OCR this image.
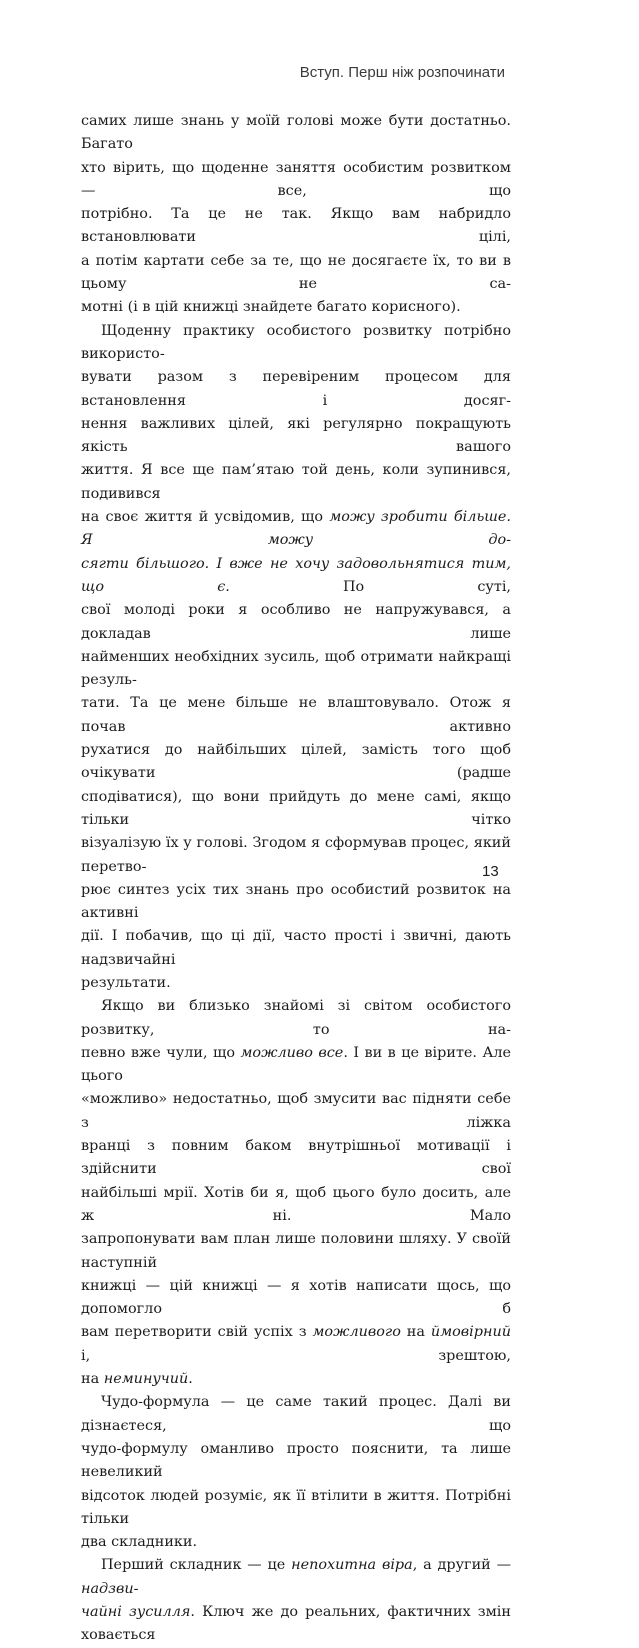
Вступ. Перш ніж розпочинати

самих лише знань у моїй голові може бути достатньо. Багато

хто вірить, що щоденне заняття особистим розвитком — все, що

потрібно. Та це не так. Якщо вам набридло встановлювати цілі,

а потім картати себе за те, що не досягаєте їх, то ви в цьому не са-

мотні (і в цій книжці знайдете багато корисного).

Щоденну практику особистого розвитку потрібно використо-

вувати разом з перевіреним процесом для встановлення і досяг-

нення важливих цілей, які регулярно покращують якість вашого

життя. Я все ще пам’ятаю той день, коли зупинився, подивився

на своє життя й усвідомив, що можу зробити більше. Я можу до-

сягти більшого. І вже не хочу задовольнятися тим, що є. По суті,

свої молоді роки я особливо не напружувався, а докладав лише

найменших необхідних зусиль, щоб отримати найкращі резуль-

тати. Та це мене більше не влаштовувало. Отож я почав активно

рухатися до найбільших цілей, замість того щоб очікувати (радше

сподіватися), що вони прийдуть до мене самі, якщо тільки чітко

візуалізую їх у голові. Згодом я сформував процес, який перетво-

рює синтез усіх тих знань про особистий розвиток на активні

дії. І побачив, що ці дії, часто прості і звичні, дають надзвичайні

результати.

Якщо ви близько знайомі зі світом особистого розвитку, то на-

певно вже чули, що можливо все. І ви в це вірите. Але цього

«можливо» недостатньо, щоб змусити вас підняти себе з ліжка

вранці з повним баком внутрішньої мотивації і здійснити свої

найбільші мрії. Хотів би я, щоб цього було досить, але ж ні. Мало

запропонувати вам план лише половини шляху. У своїй наступній

книжці — цій книжці — я хотів написати щось, що допомогло б

вам перетворити свій успіх з можливого на ймовірний і, зрештою,

на неминучий.

Чудо-формула — це саме такий процес. Далі ви дізнаєтеся, що

чудо-формулу оманливо просто пояснити, та лише невеликий

відсоток людей розуміє, як її втілити в життя. Потрібні тільки

два складники.

Перший складник — це непохитна віра, а другий — надзви-

чайні зусилля. Ключ же до реальних, фактичних змін ховається

13
